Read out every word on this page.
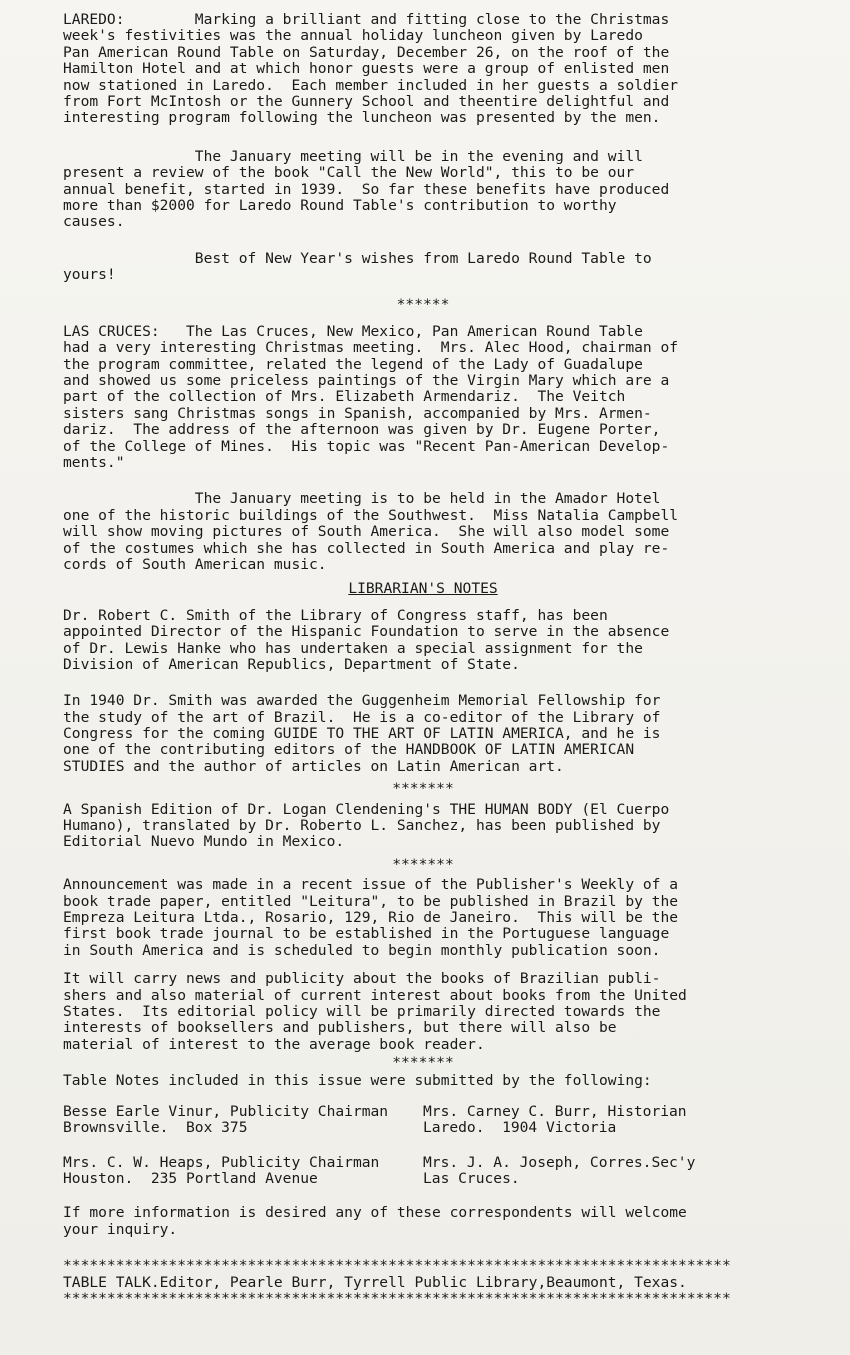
LAREDO:        Marking a brilliant and fitting close to the Christmas
week's festivities was the annual holiday luncheon given by Laredo
Pan American Round Table on Saturday, December 26, on the roof of the
Hamilton Hotel and at which honor guests were a group of enlisted men
now stationed in Laredo.  Each member included in her guests a soldier
from Fort McIntosh or the Gunnery School and theentire delightful and
interesting program following the luncheon was presented by the men.
The January meeting will be in the evening and will
present a review of the book "Call the New World", this to be our
annual benefit, started in 1939.  So far these benefits have produced
more than $2000 for Laredo Round Table's contribution to worthy
causes.
Best of New Year's wishes from Laredo Round Table to
yours!
******
LAS CRUCES:   The Las Cruces, New Mexico, Pan American Round Table
had a very interesting Christmas meeting.  Mrs. Alec Hood, chairman of
the program committee, related the legend of the Lady of Guadalupe
and showed us some priceless paintings of the Virgin Mary which are a
part of the collection of Mrs. Elizabeth Armendariz.  The Veitch
sisters sang Christmas songs in Spanish, accompanied by Mrs. Armen-
dariz.  The address of the afternoon was given by Dr. Eugene Porter,
of the College of Mines.  His topic was "Recent Pan-American Develop-
ments."
The January meeting is to be held in the Amador Hotel
one of the historic buildings of the Southwest.  Miss Natalia Campbell
will show moving pictures of South America.  She will also model some
of the costumes which she has collected in South America and play re-
cords of South American music.
LIBRARIAN'S NOTES
Dr. Robert C. Smith of the Library of Congress staff, has been
appointed Director of the Hispanic Foundation to serve in the absence
of Dr. Lewis Hanke who has undertaken a special assignment for the
Division of American Republics, Department of State.
In 1940 Dr. Smith was awarded the Guggenheim Memorial Fellowship for
the study of the art of Brazil.  He is a co-editor of the Library of
Congress for the coming GUIDE TO THE ART OF LATIN AMERICA, and he is
one of the contributing editors of the HANDBOOK OF LATIN AMERICAN
STUDIES and the author of articles on Latin American art.
*******
A Spanish Edition of Dr. Logan Clendening's THE HUMAN BODY (El Cuerpo
Humano), translated by Dr. Roberto L. Sanchez, has been published by
Editorial Nuevo Mundo in Mexico.
*******
Announcement was made in a recent issue of the Publisher's Weekly of a
book trade paper, entitled "Leitura", to be published in Brazil by the
Empreza Leitura Ltda., Rosario, 129, Rio de Janeiro.  This will be the
first book trade journal to be established in the Portuguese language
in South America and is scheduled to begin monthly publication soon.
It will carry news and publicity about the books of Brazilian publi-
shers and also material of current interest about books from the United
States.  Its editorial policy will be primarily directed towards the
interests of booksellers and publishers, but there will also be
material of interest to the average book reader.
*******
Table Notes included in this issue were submitted by the following:
Besse Earle Vinur, Publicity Chairman
Brownsville.  Box 375
Mrs. Carney C. Burr, Historian
Laredo.  1904 Victoria
Mrs. C. W. Heaps, Publicity Chairman
Houston.  235 Portland Avenue
Mrs. J. A. Joseph, Corres.Sec'y
Las Cruces.
If more information is desired any of these correspondents will welcome
your inquiry.
****************************************************************************
TABLE TALK.Editor, Pearle Burr, Tyrrell Public Library,Beaumont, Texas.
****************************************************************************
